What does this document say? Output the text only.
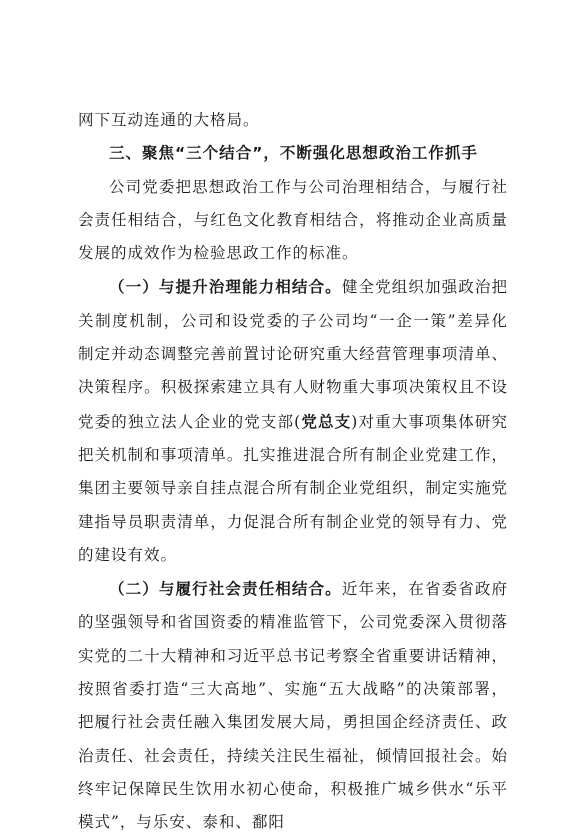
网下互动连通的大格局。

三、聚焦“三个结合”，不断强化思想政治工作抓手

公司党委把思想政治工作与公司治理相结合，与履行社会责任相结合，与红色文化教育相结合，将推动企业高质量发展的成效作为检验思政工作的标准。

（一）与提升治理能力相结合。健全党组织加强政治把关制度机制，公司和设党委的子公司均“一企一策”差异化制定并动态调整完善前置讨论研究重大经营管理事项清单、决策程序。积极探索建立具有人财物重大事项决策权且不设党委的独立法人企业的党支部(党总支)对重大事项集体研究把关机制和事项清单。扎实推进混合所有制企业党建工作，集团主要领导亲自挂点混合所有制企业党组织，制定实施党建指导员职责清单，力促混合所有制企业党的领导有力、党的建设有效。

（二）与履行社会责任相结合。近年来，在省委省政府的坚强领导和省国资委的精准监管下，公司党委深入贯彻落实党的二十大精神和习近平总书记考察全省重要讲话精神，按照省委打造“三大高地”、实施“五大战略”的决策部署，把履行社会责任融入集团发展大局，勇担国企经济责任、政治责任、社会责任，持续关注民生福祉，倾情回报社会。始终牢记保障民生饮用水初心使命，积极推广城乡供水“乐平模式”，与乐安、泰和、鄱阳
